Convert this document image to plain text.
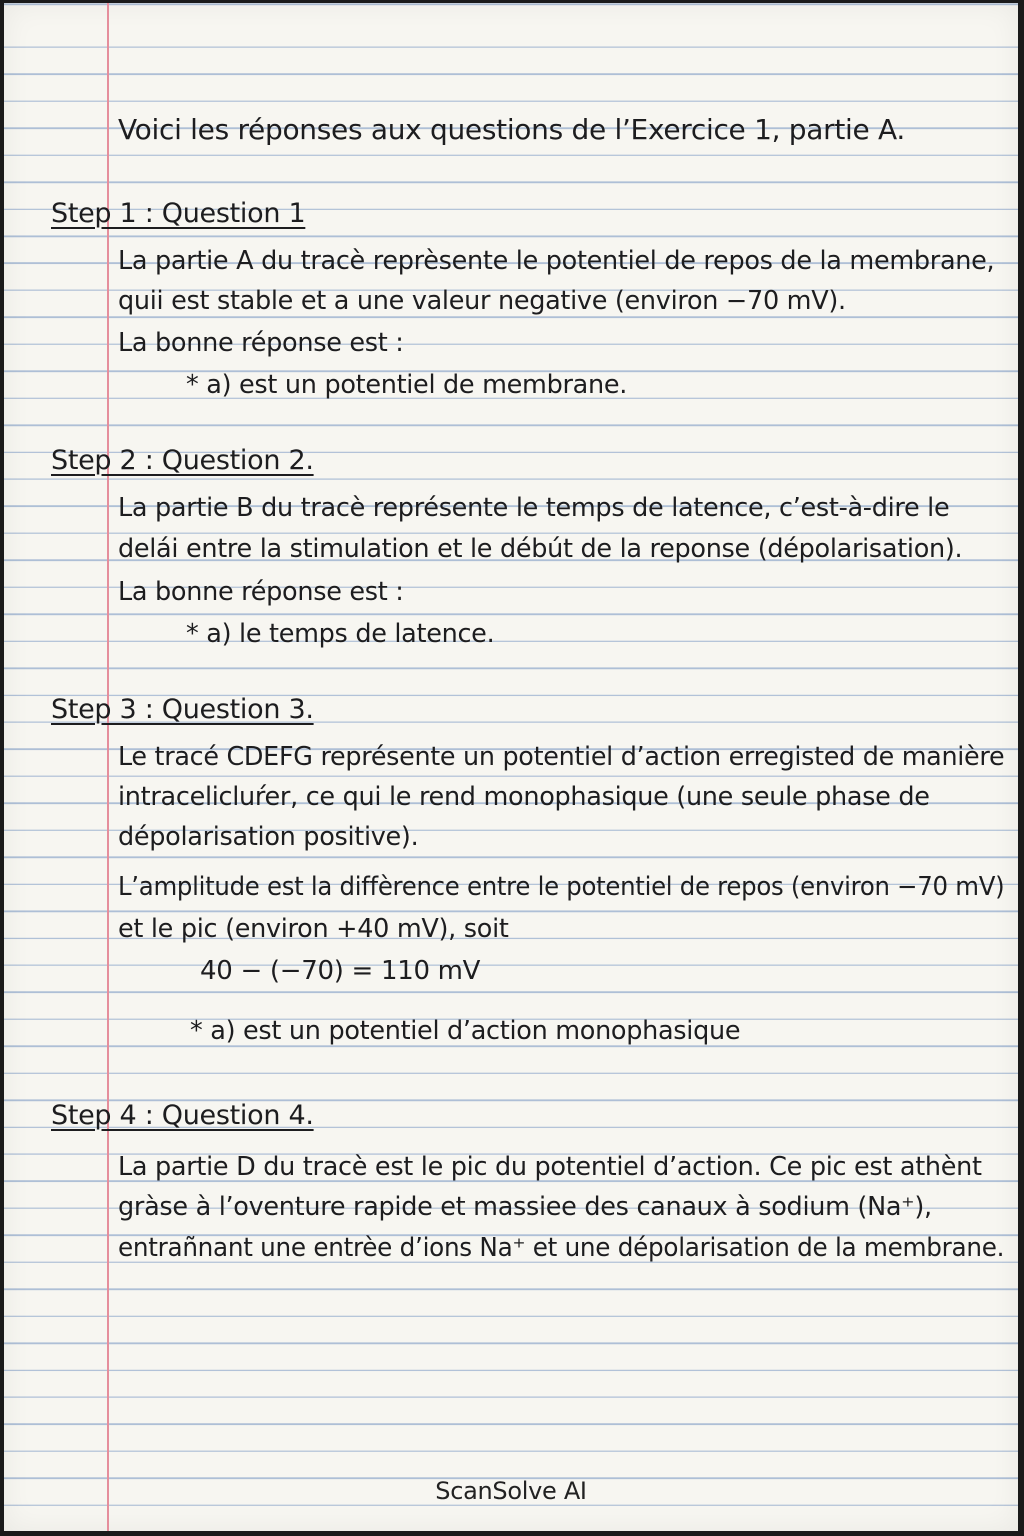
Voici les réponses aux questions de l’Exercice 1, partie A.
Step 1 : Question 1
La partie A du tracè reprèsente le potentiel de repos de la membrane,
quii est stable et a une valeur negative (environ −70 mV).
La bonne réponse est :
* a) est un potentiel de membrane.
Step 2 : Question 2.
La partie B du tracè représente le temps de latence, c’est-à-dire le
delái entre la stimulation et le débút de la reponse (dépolarisation).
La bonne réponse est :
* a) le temps de latence.
Step 3 : Question 3.
Le tracé CDEFG représente un potentiel d’action erregisted de manière
intracelicluŕer, ce qui le rend monophasique (une seule phase de
dépolarisation positive).
L’amplitude est la diffèrence entre le potentiel de repos (environ −70 mV)
et le pic (environ +40 mV), soit
40 − (−70) = 110 mV
* a) est un potentiel d’action monophasique
Step 4 : Question 4.
La partie D du tracè est le pic du potentiel d’action. Ce pic est athènt
gràse à l’oventure rapide et massiee des canaux à sodium (Na⁺),
entrañnant une entrèe d’ions Na⁺ et une dépolarisation de la membrane.
ScanSolve AI
